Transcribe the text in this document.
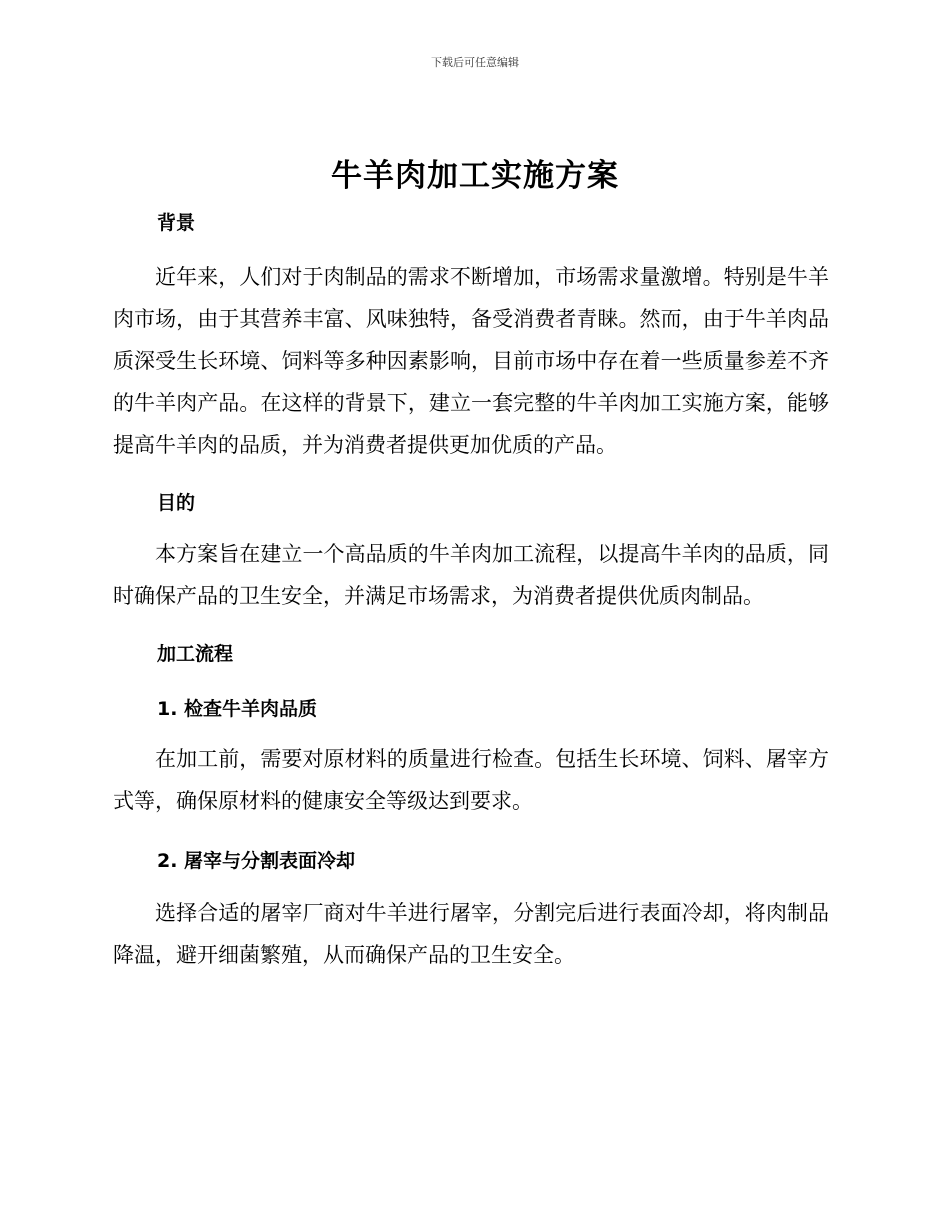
下载后可任意编辑
牛羊肉加工实施方案
背景
近年来，人们对于肉制品的需求不断增加，市场需求量激增。特别是牛羊肉市场，由于其营养丰富、风味独特，备受消费者青睐。然而，由于牛羊肉品质深受生长环境、饲料等多种因素影响，目前市场中存在着一些质量参差不齐的牛羊肉产品。在这样的背景下，建立一套完整的牛羊肉加工实施方案，能够提高牛羊肉的品质，并为消费者提供更加优质的产品。
目的
本方案旨在建立一个高品质的牛羊肉加工流程，以提高牛羊肉的品质，同时确保产品的卫生安全，并满足市场需求，为消费者提供优质肉制品。
加工流程
1. 检查牛羊肉品质
在加工前，需要对原材料的质量进行检查。包括生长环境、饲料、屠宰方式等，确保原材料的健康安全等级达到要求。
2. 屠宰与分割表面冷却
选择合适的屠宰厂商对牛羊进行屠宰，分割完后进行表面冷却，将肉制品降温，避开细菌繁殖，从而确保产品的卫生安全。
